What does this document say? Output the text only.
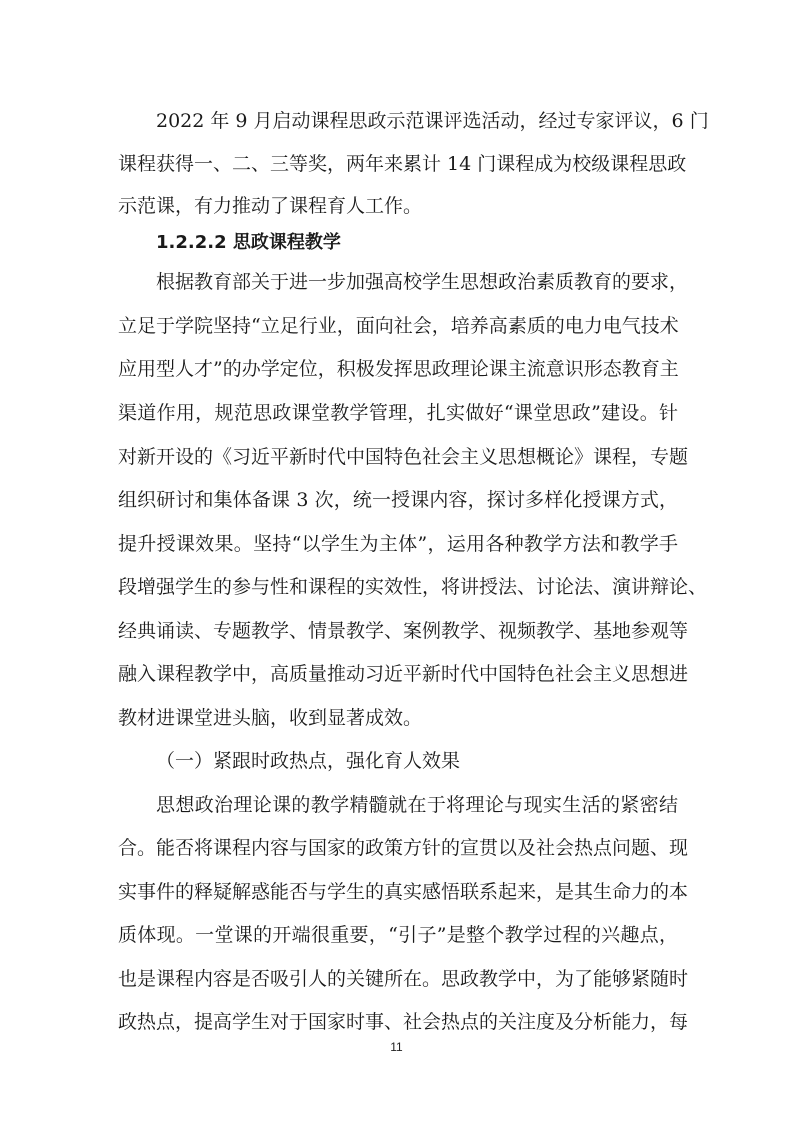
2022 年 9 月启动课程思政示范课评选活动，经过专家评议，6 门

课程获得一、二、三等奖，两年来累计 14 门课程成为校级课程思政

示范课，有力推动了课程育人工作。

1.2.2.2 思政课程教学

根据教育部关于进一步加强高校学生思想政治素质教育的要求，

立足于学院坚持“立足行业，面向社会，培养高素质的电力电气技术

应用型人才”的办学定位，积极发挥思政理论课主流意识形态教育主

渠道作用，规范思政课堂教学管理，扎实做好“课堂思政”建设。针

对新开设的《习近平新时代中国特色社会主义思想概论》课程，专题

组织研讨和集体备课 3 次，统一授课内容，探讨多样化授课方式，

提升授课效果。坚持“以学生为主体”，运用各种教学方法和教学手

段增强学生的参与性和课程的实效性，将讲授法、讨论法、演讲辩论、

经典诵读、专题教学、情景教学、案例教学、视频教学、基地参观等

融入课程教学中，高质量推动习近平新时代中国特色社会主义思想进

教材进课堂进头脑，收到显著成效。

（一）紧跟时政热点，强化育人效果

思想政治理论课的教学精髓就在于将理论与现实生活的紧密结

合。能否将课程内容与国家的政策方针的宣贯以及社会热点问题、现

实事件的释疑解惑能否与学生的真实感悟联系起来，是其生命力的本

质体现。一堂课的开端很重要，“引子”是整个教学过程的兴趣点，

也是课程内容是否吸引人的关键所在。思政教学中，为了能够紧随时

政热点，提高学生对于国家时事、社会热点的关注度及分析能力，每

11
